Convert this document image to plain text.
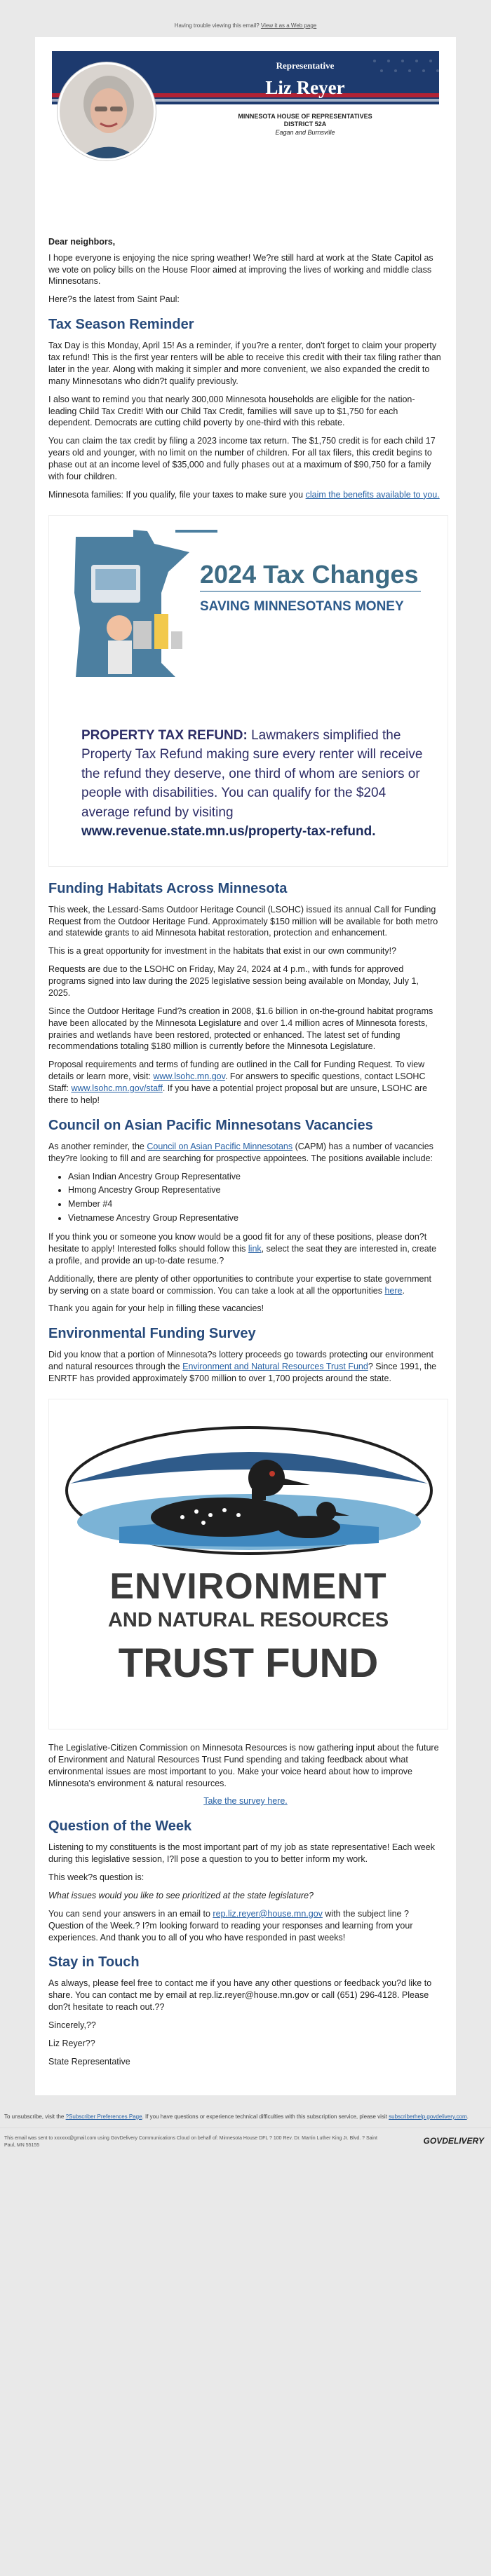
Having trouble viewing this email? View it as a Web page
Representative
Liz Reyer
MINNESOTA HOUSE OF REPRESENTATIVES
DISTRICT 52A
Eagan and Burnsville
Dear neighbors,

I hope everyone is enjoying the nice spring weather! We?re still hard at work at the State Capitol as we vote on policy bills on the House Floor aimed at improving the lives of working and middle class Minnesotans.

Here?s the latest from Saint Paul:

Tax Season Reminder

Tax Day is this Monday, April 15! As a reminder, if you?re a renter, don't forget to claim your property tax refund! This is the first year renters will be able to receive this credit with their tax filing rather than later in the year. Along with making it simpler and more convenient, we also expanded the credit to many Minnesotans who didn?t qualify previously.

I also want to remind you that nearly 300,000 Minnesota households are eligible for the nation-leading Child Tax Credit! With our Child Tax Credit, families will save up to $1,750 for each dependent. Democrats are cutting child poverty by one-third with this rebate.

You can claim the tax credit by filing a 2023 income tax return. The $1,750 credit is for each child 17 years old and younger, with no limit on the number of children. For all tax filers, this credit begins to phase out at an income level of $35,000 and fully phases out at a maximum of $90,750 for a family with four children.

Minnesota families: If you qualify, file your taxes to make sure you claim the benefits available to you.

2024 Tax Changes
SAVING MINNESOTANS MONEY
PROPERTY TAX REFUND: Lawmakers simplified the Property Tax Refund making sure every renter will receive the refund they deserve, one third of whom are seniors or people with disabilities. You can qualify for the $204 average refund by visiting
www.revenue.state.mn.us/property-tax-refund.
Funding Habitats Across Minnesota

This week, the Lessard-Sams Outdoor Heritage Council (LSOHC) issued its annual Call for Funding Request from the Outdoor Heritage Fund. Approximately $150 million will be available for both metro and statewide grants to aid Minnesota habitat restoration, protection and enhancement.

This is a great opportunity for investment in the habitats that exist in our own community!?

Requests are due to the LSOHC on Friday, May 24, 2024 at 4 p.m., with funds for approved programs signed into law during the 2025 legislative session being available on Monday, July 1, 2025.

Since the Outdoor Heritage Fund?s creation in 2008, $1.6 billion in on-the-ground habitat programs have been allocated by the Minnesota Legislature and over 1.4 million acres of Minnesota forests, prairies and wetlands have been restored, protected or enhanced. The latest set of funding recommendations totaling $180 million is currently before the Minnesota Legislature.

Proposal requirements and terms of funding are outlined in the Call for Funding Request. To view details or learn more, visit: www.lsohc.mn.gov. For answers to specific questions, contact LSOHC Staff: www.lsohc.mn.gov/staff. If you have a potential project proposal but are unsure, LSOHC are there to help!

Council on Asian Pacific Minnesotans Vacancies

As another reminder, the Council on Asian Pacific Minnesotans (CAPM) has a number of vacancies they?re looking to fill and are searching for prospective appointees. The positions available include:

• Asian Indian Ancestry Group Representative
• Hmong Ancestry Group Representative
• Member #4
• Vietnamese Ancestry Group Representative

If you think you or someone you know would be a good fit for any of these positions, please don?t hesitate to apply! Interested folks should follow this link, select the seat they are interested in, create a profile, and provide an up-to-date resume.?

Additionally, there are plenty of other opportunities to contribute your expertise to state government by serving on a state board or commission. You can take a look at all the opportunities here.

Thank you again for your help in filling these vacancies!

Environmental Funding Survey

Did you know that a portion of Minnesota?s lottery proceeds go towards protecting our environment and natural resources through the Environment and Natural Resources Trust Fund? Since 1991, the ENRTF has provided approximately $700 million to over 1,700 projects around the state.

ENVIRONMENT
AND NATURAL RESOURCES
TRUST FUND

The Legislative-Citizen Commission on Minnesota Resources is now gathering input about the future of Environment and Natural Resources Trust Fund spending and taking feedback about what environmental issues are most important to you. Make your voice heard about how to improve Minnesota's environment & natural resources.

Take the survey here.
Question of the Week

Listening to my constituents is the most important part of my job as state representative! Each week during this legislative session, I?ll pose a question to you to better inform my work.

This week?s question is:

What issues would you like to see prioritized at the state legislature?

You can send your answers in an email to rep.liz.reyer@house.mn.gov with the subject line ?Question of the Week.? I?m looking forward to reading your responses and learning from your experiences. And thank you to all of you who have responded in past weeks!

Stay in Touch

As always, please feel free to contact me if you have any other questions or feedback you?d like to share. You can contact me by email at rep.liz.reyer@house.mn.gov or call (651) 296-4128. Please don?t hesitate to reach out.??

Sincerely,??

Liz Reyer??

State Representative

To unsubscribe, visit the ?Subscriber Preferences Page. If you have questions or experience technical difficulties with this subscription service, please visit subscriberhelp.govdelivery.com.
This email was sent to xxxxxx@gmail.com using GovDelivery Communications Cloud on behalf of: Minnesota House DFL ? 100 Rev. Dr. Martin Luther King Jr. Blvd. ? Saint Paul, MN 55155	GOVDELIVERY
